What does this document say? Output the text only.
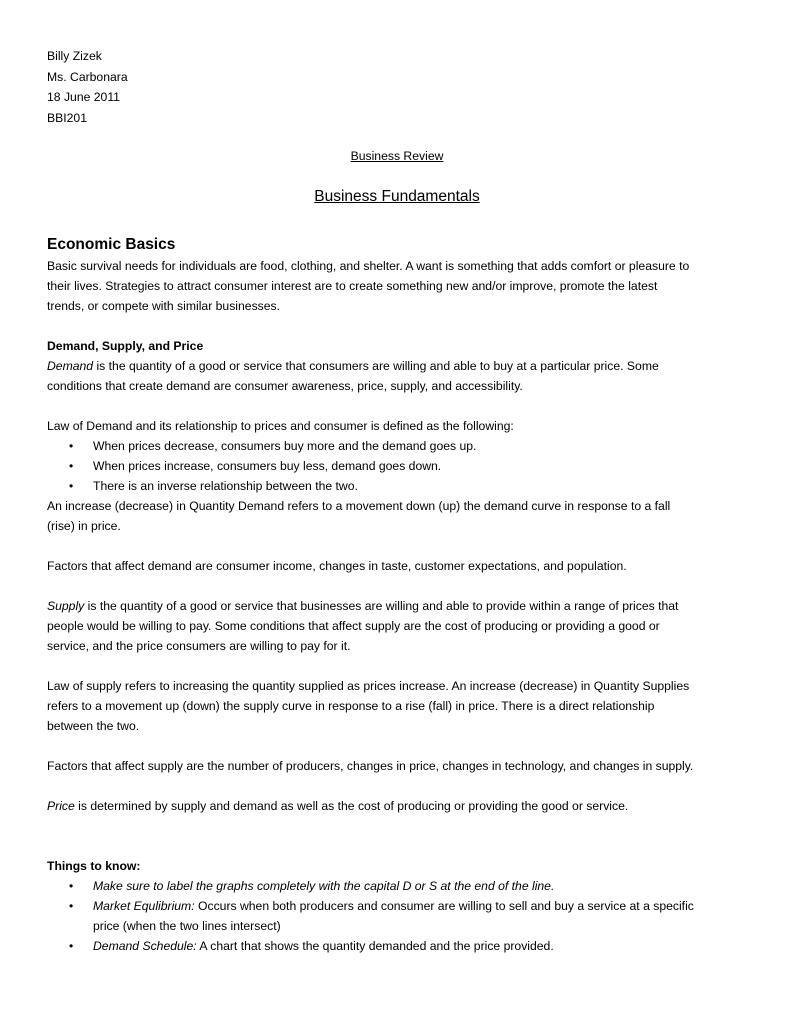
Billy Zizek

Ms. Carbonara

18 June 2011

BBI201

Business Review

Business Fundamentals

Economic Basics

Basic survival needs for individuals are food, clothing, and shelter. A want is something that adds comfort or pleasure to

their lives. Strategies to attract consumer interest are to create something new and/or improve, promote the latest

trends, or compete with similar businesses.

Demand, Supply, and Price

Demand is the quantity of a good or service that consumers are willing and able to buy at a particular price. Some

conditions that create demand are consumer awareness, price, supply, and accessibility.

Law of Demand and its relationship to prices and consumer is defined as the following:

• When prices decrease, consumers buy more and the demand goes up.
• When prices increase, consumers buy less, demand goes down.
• There is an inverse relationship between the two.

An increase (decrease) in Quantity Demand refers to a movement down (up) the demand curve in response to a fall

(rise) in price.

Factors that affect demand are consumer income, changes in taste, customer expectations, and population.

Supply is the quantity of a good or service that businesses are willing and able to provide within a range of prices that

people would be willing to pay. Some conditions that affect supply are the cost of producing or providing a good or

service, and the price consumers are willing to pay for it.

Law of supply refers to increasing the quantity supplied as prices increase. An increase (decrease) in Quantity Supplies

refers to a movement up (down) the supply curve in response to a rise (fall) in price. There is a direct relationship

between the two.

Factors that affect supply are the number of producers, changes in price, changes in technology, and changes in supply.

Price is determined by supply and demand as well as the cost of producing or providing the good or service.

Things to know:

• Make sure to label the graphs completely with the capital D or S at the end of the line.
• Market Equlibrium: Occurs when both producers and consumer are willing to sell and buy a service at a specific
price (when the two lines intersect)
• Demand Schedule: A chart that shows the quantity demanded and the price provided.
